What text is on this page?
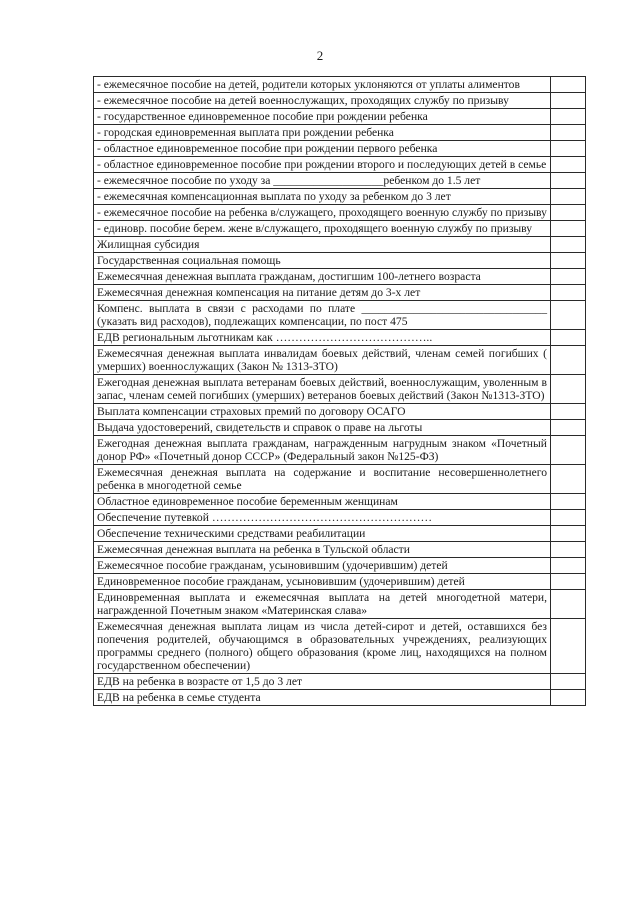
2
- ежемесячное пособие на детей, родители которых уклоняются от уплаты алиментов	
- ежемесячное пособие на детей военнослужащих, проходящих службу по призыву	
- государственное единовременное пособие при рождении ребенка	
- городская единовременная выплата при рождении ребенка	
- областное единовременное пособие при рождении первого ребенка	
- областное единовременное пособие при рождении второго и последующих детей в семье	
- ежемесячное пособие по уходу за ___________________ребенком до 1.5 лет	
- ежемесячная компенсационная выплата по уходу за ребенком до 3 лет	
- ежемесячное пособие на ребенка в/служащего, проходящего военную службу по призыву	
- единовр. пособие берем. жене в/служащего, проходящего военную службу по призыву	
Жилищная субсидия	
Государственная социальная помощь	
Ежемесячная денежная выплата гражданам, достигшим 100-летнего возраста	
Ежемесячная денежная компенсация на питание детям до 3-х лет	
Компенс. выплата в связи с расходами по плате ________________________________ (указать вид расходов), подлежащих компенсации, по пост 475	
ЕДВ региональным льготникам как …………………………………..	
Ежемесячная денежная выплата инвалидам боевых действий, членам семей погибших ( умерших) военнослужащих (Закон № 1313-ЗТО)	
Ежегодная денежная выплата ветеранам боевых действий, военнослужащим, уволенным в запас, членам семей погибших (умерших) ветеранов боевых действий (Закон №1313-ЗТО)	
Выплата компенсации страховых премий по договору ОСАГО	
Выдача удостоверений, свидетельств и справок о праве на льготы	
Ежегодная денежная выплата гражданам, награжденным нагрудным знаком «Почетный донор РФ» «Почетный донор СССР» (Федеральный закон №125-ФЗ)	
Ежемесячная денежная выплата на содержание и воспитание несовершеннолетнего ребенка в многодетной семье	
Областное единовременное пособие беременным женщинам	
Обеспечение путевкой …………………………………………………	
Обеспечение техническими средствами реабилитации	
Ежемесячная денежная выплата на ребенка в Тульской области	
Ежемесячное пособие гражданам, усыновившим (удочерившим) детей	
Единовременное пособие гражданам, усыновившим (удочерившим) детей	
Единовременная выплата и ежемесячная выплата на детей многодетной матери, награжденной Почетным знаком «Материнская слава»	
Ежемесячная денежная выплата лицам из числа детей-сирот и детей, оставшихся без попечения родителей, обучающимся в образовательных учреждениях, реализующих программы среднего (полного) общего образования (кроме лиц, находящихся на полном государственном обеспечении)	
ЕДВ на ребенка в возрасте от 1,5 до 3 лет	
ЕДВ на ребенка в семье студента	
